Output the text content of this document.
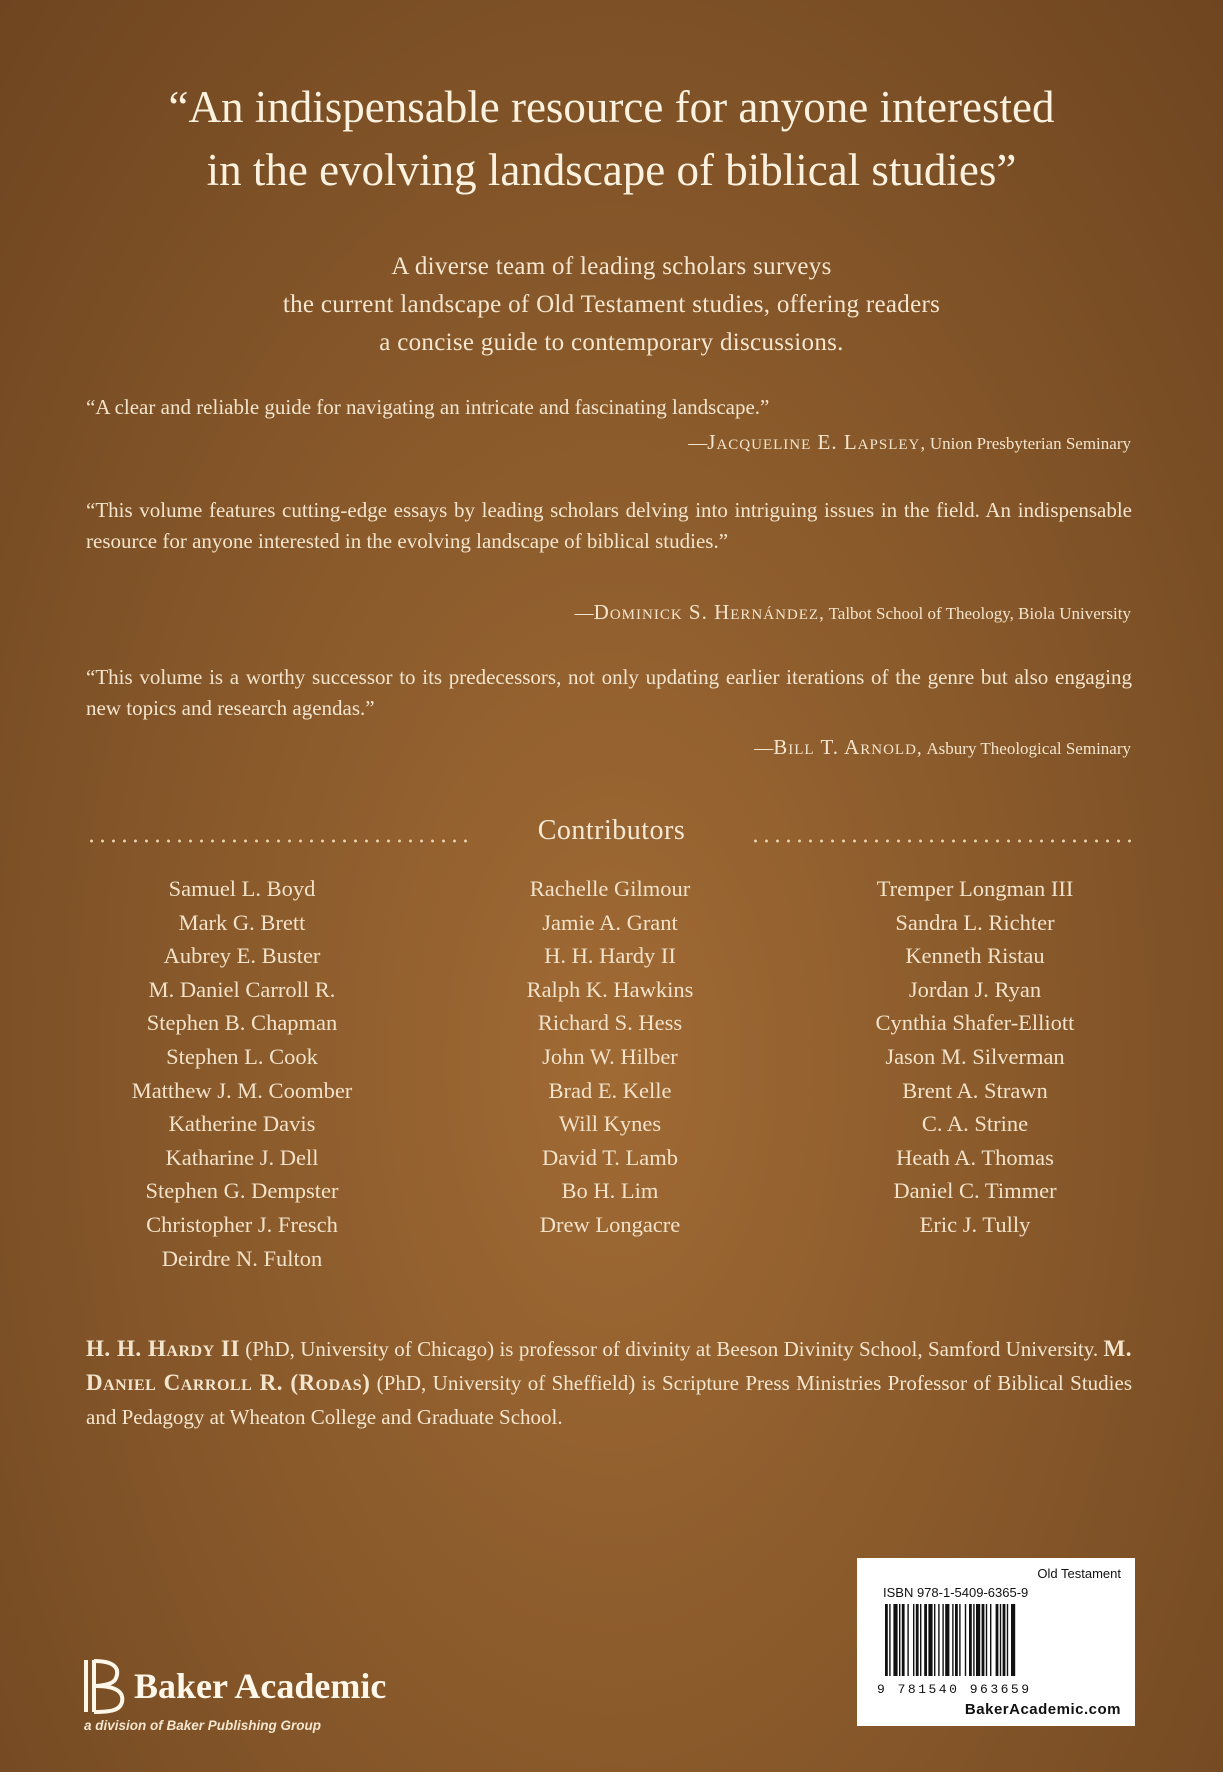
“An indispensable resource for anyone interested
in the evolving landscape of biblical studies”
A diverse team of leading scholars surveys
the current landscape of Old Testament studies, offering readers
a concise guide to contemporary discussions.
“A clear and reliable guide for navigating an intricate and fascinating landscape.”
—Jacqueline E. Lapsley, Union Presbyterian Seminary
“This volume features cutting-edge essays by leading scholars delving into intriguing issues in the field. An indispensable resource for anyone interested in the evolving landscape of biblical studies.”
—Dominick S. Hernández, Talbot School of Theology, Biola University
“This volume is a worthy successor to its predecessors, not only updating earlier iterations of the genre but also engaging new topics and research agendas.”
—Bill T. Arnold, Asbury Theological Seminary
Contributors
Samuel L. Boyd
Mark G. Brett
Aubrey E. Buster
M. Daniel Carroll R.
Stephen B. Chapman
Stephen L. Cook
Matthew J. M. Coomber
Katherine Davis
Katharine J. Dell
Stephen G. Dempster
Christopher J. Fresch
Deirdre N. Fulton
Rachelle Gilmour
Jamie A. Grant
H. H. Hardy II
Ralph K. Hawkins
Richard S. Hess
John W. Hilber
Brad E. Kelle
Will Kynes
David T. Lamb
Bo H. Lim
Drew Longacre
Tremper Longman III
Sandra L. Richter
Kenneth Ristau
Jordan J. Ryan
Cynthia Shafer-Elliott
Jason M. Silverman
Brent A. Strawn
C. A. Strine
Heath A. Thomas
Daniel C. Timmer
Eric J. Tully
H. H. Hardy II (PhD, University of Chicago) is professor of divinity at Beeson Divinity School, Samford University. M. Daniel Carroll R. (Rodas) (PhD, University of Sheffield) is Scripture Press Ministries Professor of Biblical Studies and Pedagogy at Wheaton College and Graduate School.
Baker Academic
a division of Baker Publishing Group
Old Testament
ISBN 978-1-5409-6365-9
9 781540 963659
BakerAcademic.com
